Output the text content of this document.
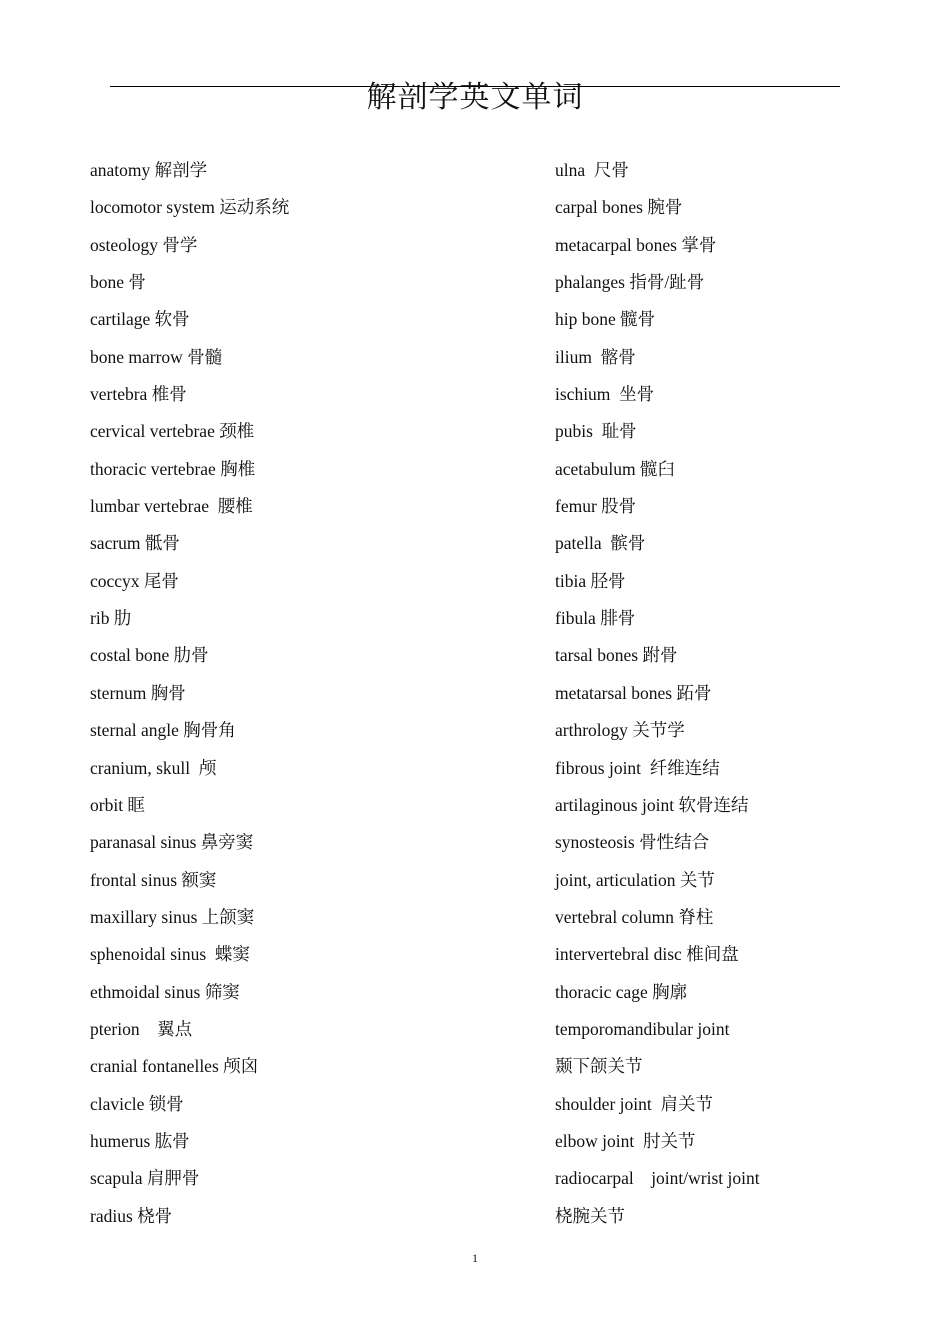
解剖学英文单词
anatomy 解剖学
locomotor system 运动系统
osteology 骨学
bone 骨
cartilage 软骨
bone marrow 骨髓
vertebra 椎骨
cervical vertebrae 颈椎
thoracic vertebrae 胸椎
lumbar vertebrae  腰椎
sacrum 骶骨
coccyx 尾骨
rib 肋
costal bone 肋骨
sternum 胸骨
sternal angle 胸骨角
cranium, skull  颅
orbit 眶
paranasal sinus 鼻旁窦
frontal sinus 额窦
maxillary sinus 上颌窦
sphenoidal sinus  蝶窦
ethmoidal sinus 筛窦
pterion    翼点
cranial fontanelles 颅囟
clavicle 锁骨
humerus 肱骨
scapula 肩胛骨
radius 桡骨
ulna  尺骨
carpal bones 腕骨
metacarpal bones 掌骨
phalanges 指骨/趾骨
hip bone 髋骨
ilium  髂骨
ischium  坐骨
pubis  耻骨
acetabulum 髋臼
femur 股骨
patella  髌骨
tibia 胫骨
fibula 腓骨
tarsal bones 跗骨
metatarsal bones 跖骨
arthrology 关节学
fibrous joint  纤维连结
artilaginous joint 软骨连结
synosteosis 骨性结合
joint, articulation 关节
vertebral column 脊柱
intervertebral disc 椎间盘
thoracic cage 胸廓
temporomandibular joint
颞下颌关节
shoulder joint  肩关节
elbow joint  肘关节
radiocarpal    joint/wrist joint
桡腕关节
1
